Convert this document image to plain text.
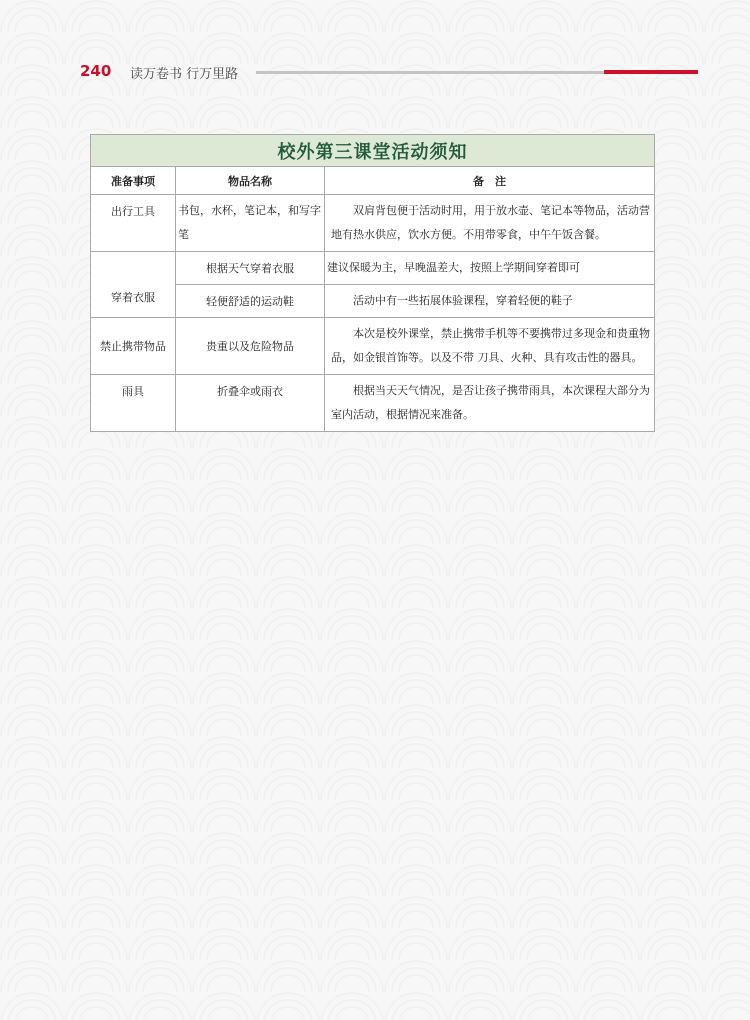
240 读万卷书 行万里路
校外第三课堂活动须知		
准备事项	物品名称	备　注
出行工具	书包，水杯，笔记本，和写字笔	双肩背包便于活动时用，用于放水壶、笔记本等物品，活动营地有热水供应，饮水方便。不用带零食，中午午饭含餐。
穿着衣服	根据天气穿着衣服	建议保暖为主，早晚温差大，按照上学期间穿着即可
	轻便舒适的运动鞋	活动中有一些拓展体验课程，穿着轻便的鞋子
禁止携带物品	贵重以及危险物品	本次是校外课堂，禁止携带手机等不要携带过多现金和贵重物品，如金银首饰等。以及不带 刀具、火种、具有攻击性的器具。
雨具	折叠伞或雨衣	根据当天天气情况，是否让孩子携带雨具，本次课程大部分为室内活动，根据情况来准备。
